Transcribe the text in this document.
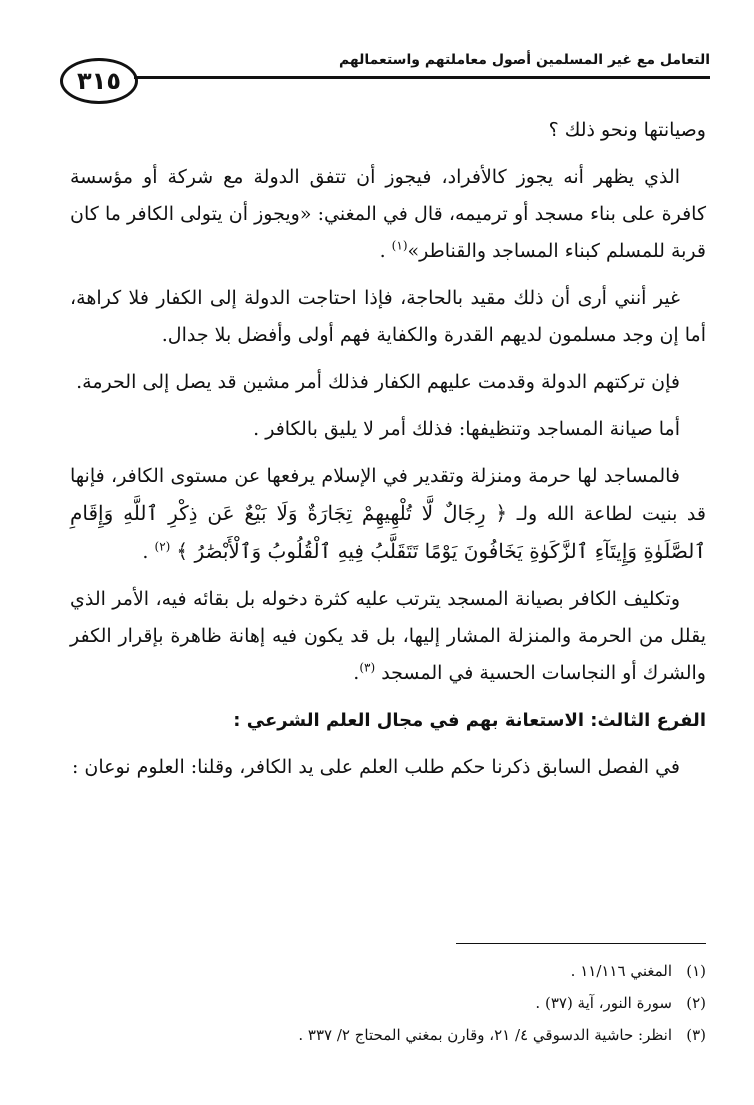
٣١٥
التعامل مع غير المسلمين أصول معاملتهم واستعمالهم

وصيانتها ونحو ذلك ؟

الذي يظهر أنه يجوز كالأفراد، فيجوز أن تتفق الدولة مع شركة أو مؤسسة كافرة على بناء مسجد أو ترميمه، قال في المغني: «ويجوز أن يتولى الكافر ما كان قربة للمسلم كبناء المساجد والقناطر»$^{(١)}$ .

غير أنني أرى أن ذلك مقيد بالحاجة، فإذا احتاجت الدولة إلى الكفار فلا كراهة، أما إن وجد مسلمون لديهم القدرة والكفاية فهم أولى وأفضل بلا جدال.

فإن تركتهم الدولة وقدمت عليهم الكفار فذلك أمر مشين قد يصل إلى الحرمة.

أما صيانة المساجد وتنظيفها: فذلك أمر لا يليق بالكافر .

فالمساجد لها حرمة ومنزلة وتقدير في الإسلام يرفعها عن مستوى الكافر، فإنها قد بنيت لطاعة الله ولـ ﴿ رِجَالٌ لَّا تُلْهِيهِمْ تِجَارَةٌ وَلَا بَيْعٌ عَن ذِكْرِ ٱللَّهِ وَإِقَامِ ٱلصَّلَوٰةِ وَإِيتَآءِ ٱلزَّكَوٰةِ يَخَافُونَ يَوْمًا تَتَقَلَّبُ فِيهِ ٱلْقُلُوبُ وَٱلْأَبْصَٰرُ ﴾ $^{(٢)}$ .

وتكليف الكافر بصيانة المسجد يترتب عليه كثرة دخوله بل بقائه فيه، الأمر الذي يقلل من الحرمة والمنزلة المشار إليها، بل قد يكون فيه إهانة ظاهرة بإقرار الكفر والشرك أو النجاسات الحسية في المسجد $^{(٣)}$.

الفرع الثالث: الاستعانة بهم في مجال العلم الشرعي :

في الفصل السابق ذكرنا حكم طلب العلم على يد الكافر، وقلنا: العلوم نوعان :

(١)المغني ١١/١١٦ .
(٢)سورة النور، آية (٣٧) .
(٣)انظر: حاشية الدسوقي ٤/ ٢١، وقارن بمغني المحتاج ٢/ ٣٣٧ .
